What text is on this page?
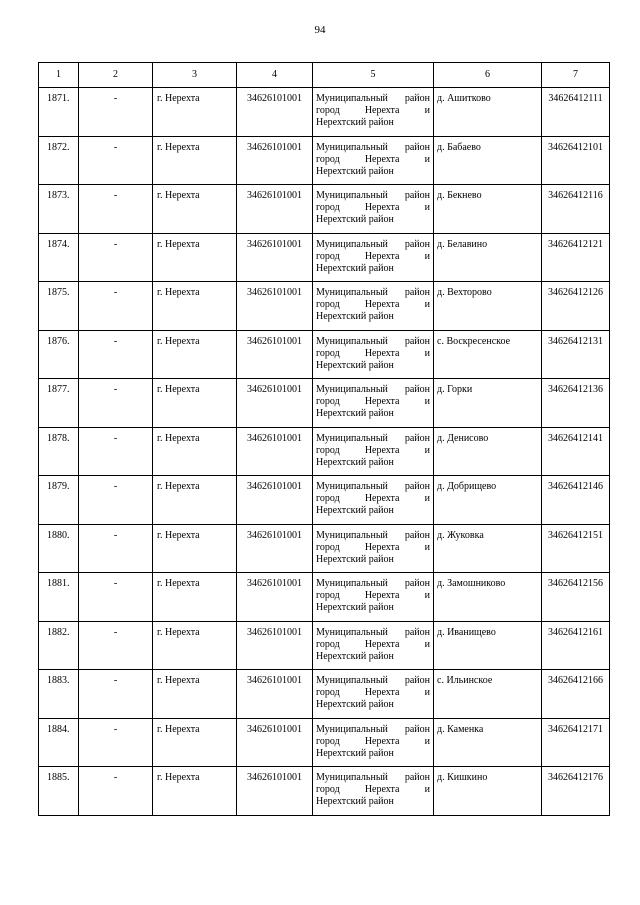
94
1	2	3	4	5	6	7
1871.	-	г. Нерехта	34626101001	Муниципальный район город Нерехта и Нерехтский район	д. Ашитково	34626412111
1872.	-	г. Нерехта	34626101001	Муниципальный район город Нерехта и Нерехтский район	д. Бабаево	34626412101
1873.	-	г. Нерехта	34626101001	Муниципальный район город Нерехта и Нерехтский район	д. Бекнево	34626412116
1874.	-	г. Нерехта	34626101001	Муниципальный район город Нерехта и Нерехтский район	д. Белавино	34626412121
1875.	-	г. Нерехта	34626101001	Муниципальный район город Нерехта и Нерехтский район	д. Вехторово	34626412126
1876.	-	г. Нерехта	34626101001	Муниципальный район город Нерехта и Нерехтский район	с. Воскресенское	34626412131
1877.	-	г. Нерехта	34626101001	Муниципальный район город Нерехта и Нерехтский район	д. Горки	34626412136
1878.	-	г. Нерехта	34626101001	Муниципальный район город Нерехта и Нерехтский район	д. Денисово	34626412141
1879.	-	г. Нерехта	34626101001	Муниципальный район город Нерехта и Нерехтский район	д. Добрищево	34626412146
1880.	-	г. Нерехта	34626101001	Муниципальный район город Нерехта и Нерехтский район	д. Жуковка	34626412151
1881.	-	г. Нерехта	34626101001	Муниципальный район город Нерехта и Нерехтский район	д. Замошниково	34626412156
1882.	-	г. Нерехта	34626101001	Муниципальный район город Нерехта и Нерехтский район	д. Иванищево	34626412161
1883.	-	г. Нерехта	34626101001	Муниципальный район город Нерехта и Нерехтский район	с. Ильинское	34626412166
1884.	-	г. Нерехта	34626101001	Муниципальный район город Нерехта и Нерехтский район	д. Каменка	34626412171
1885.	-	г. Нерехта	34626101001	Муниципальный район город Нерехта и Нерехтский район	д. Кишкино	34626412176
